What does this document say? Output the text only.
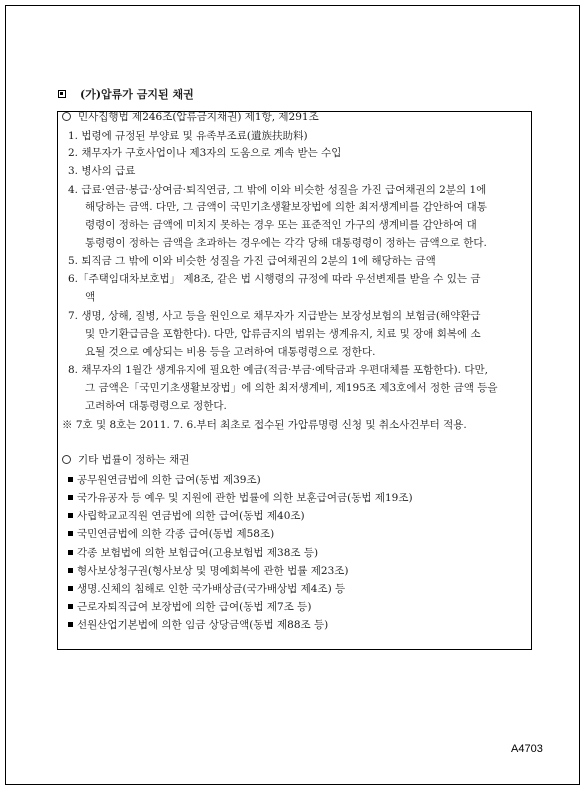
(가)압류가 금지된 채권
민사집행법 제246조(압류금지채권) 제1항, 제291조
1. 법령에 규정된 부양료 및 유족부조료(遺族扶助料)
2. 채무자가 구호사업이나 제3자의 도움으로 계속 받는 수입
3. 병사의 급료
4. 급료·연금·봉급·상여금·퇴직연금, 그 밖에 이와 비슷한 성질을 가진 급여채권의 2분의 1에
해당하는 금액. 다만, 그 금액이 국민기초생활보장법에 의한 최저생계비를 감안하여 대통
령령이 정하는 금액에 미치지 못하는 경우 또는 표준적인 가구의 생계비를 감안하여 대
통령령이 정하는 금액을 초과하는 경우에는 각각 당해 대통령령이 정하는 금액으로 한다.
5. 퇴직금 그 밖에 이와 비슷한 성질을 가진 급여채권의 2분의 1에 해당하는 금액
6.「주택임대차보호법」 제8조, 같은 법 시행령의 규정에 따라 우선변제를 받을 수 있는 금
액
7. 생명, 상해, 질병, 사고 등을 원인으로 채무자가 지급받는 보장성보험의 보험금(해약환급
및 만기환급금을 포함한다). 다만, 압류금지의 범위는 생계유지, 치료 및 장애 회복에 소
요될 것으로 예상되는 비용 등을 고려하여 대통령령으로 정한다.
8. 채무자의 1월간 생계유지에 필요한 예금(적금·부금·예탁금과 우편대체를 포함한다). 다만,
그 금액은「국민기초생활보장법」에 의한 최저생계비, 제195조 제3호에서 정한 금액 등을
고려하여 대통령령으로 정한다.
※ 7호 및 8호는 2011. 7. 6.부터 최초로 접수된 가압류명령 신청 및 취소사건부터 적용.
기타 법률이 정하는 채권
공무원연금법에 의한 급여(동법 제39조)
국가유공자 등 예우 및 지원에 관한 법률에 의한 보훈급여금(동법 제19조)
사립학교교직원 연금법에 의한 급여(동법 제40조)
국민연금법에 의한 각종 급여(동법 제58조)
각종 보험법에 의한 보험급여(고용보험법 제38조 등)
형사보상청구권(형사보상 및 명예회복에 관한 법률 제23조)
생명.신체의 침해로 인한 국가배상금(국가배상법 제4조) 등
근로자퇴직급여 보장법에 의한 급여(동법 제7조 등)
선원산업기본법에 의한 임금 상당금액(동법 제88조 등)
A4703
